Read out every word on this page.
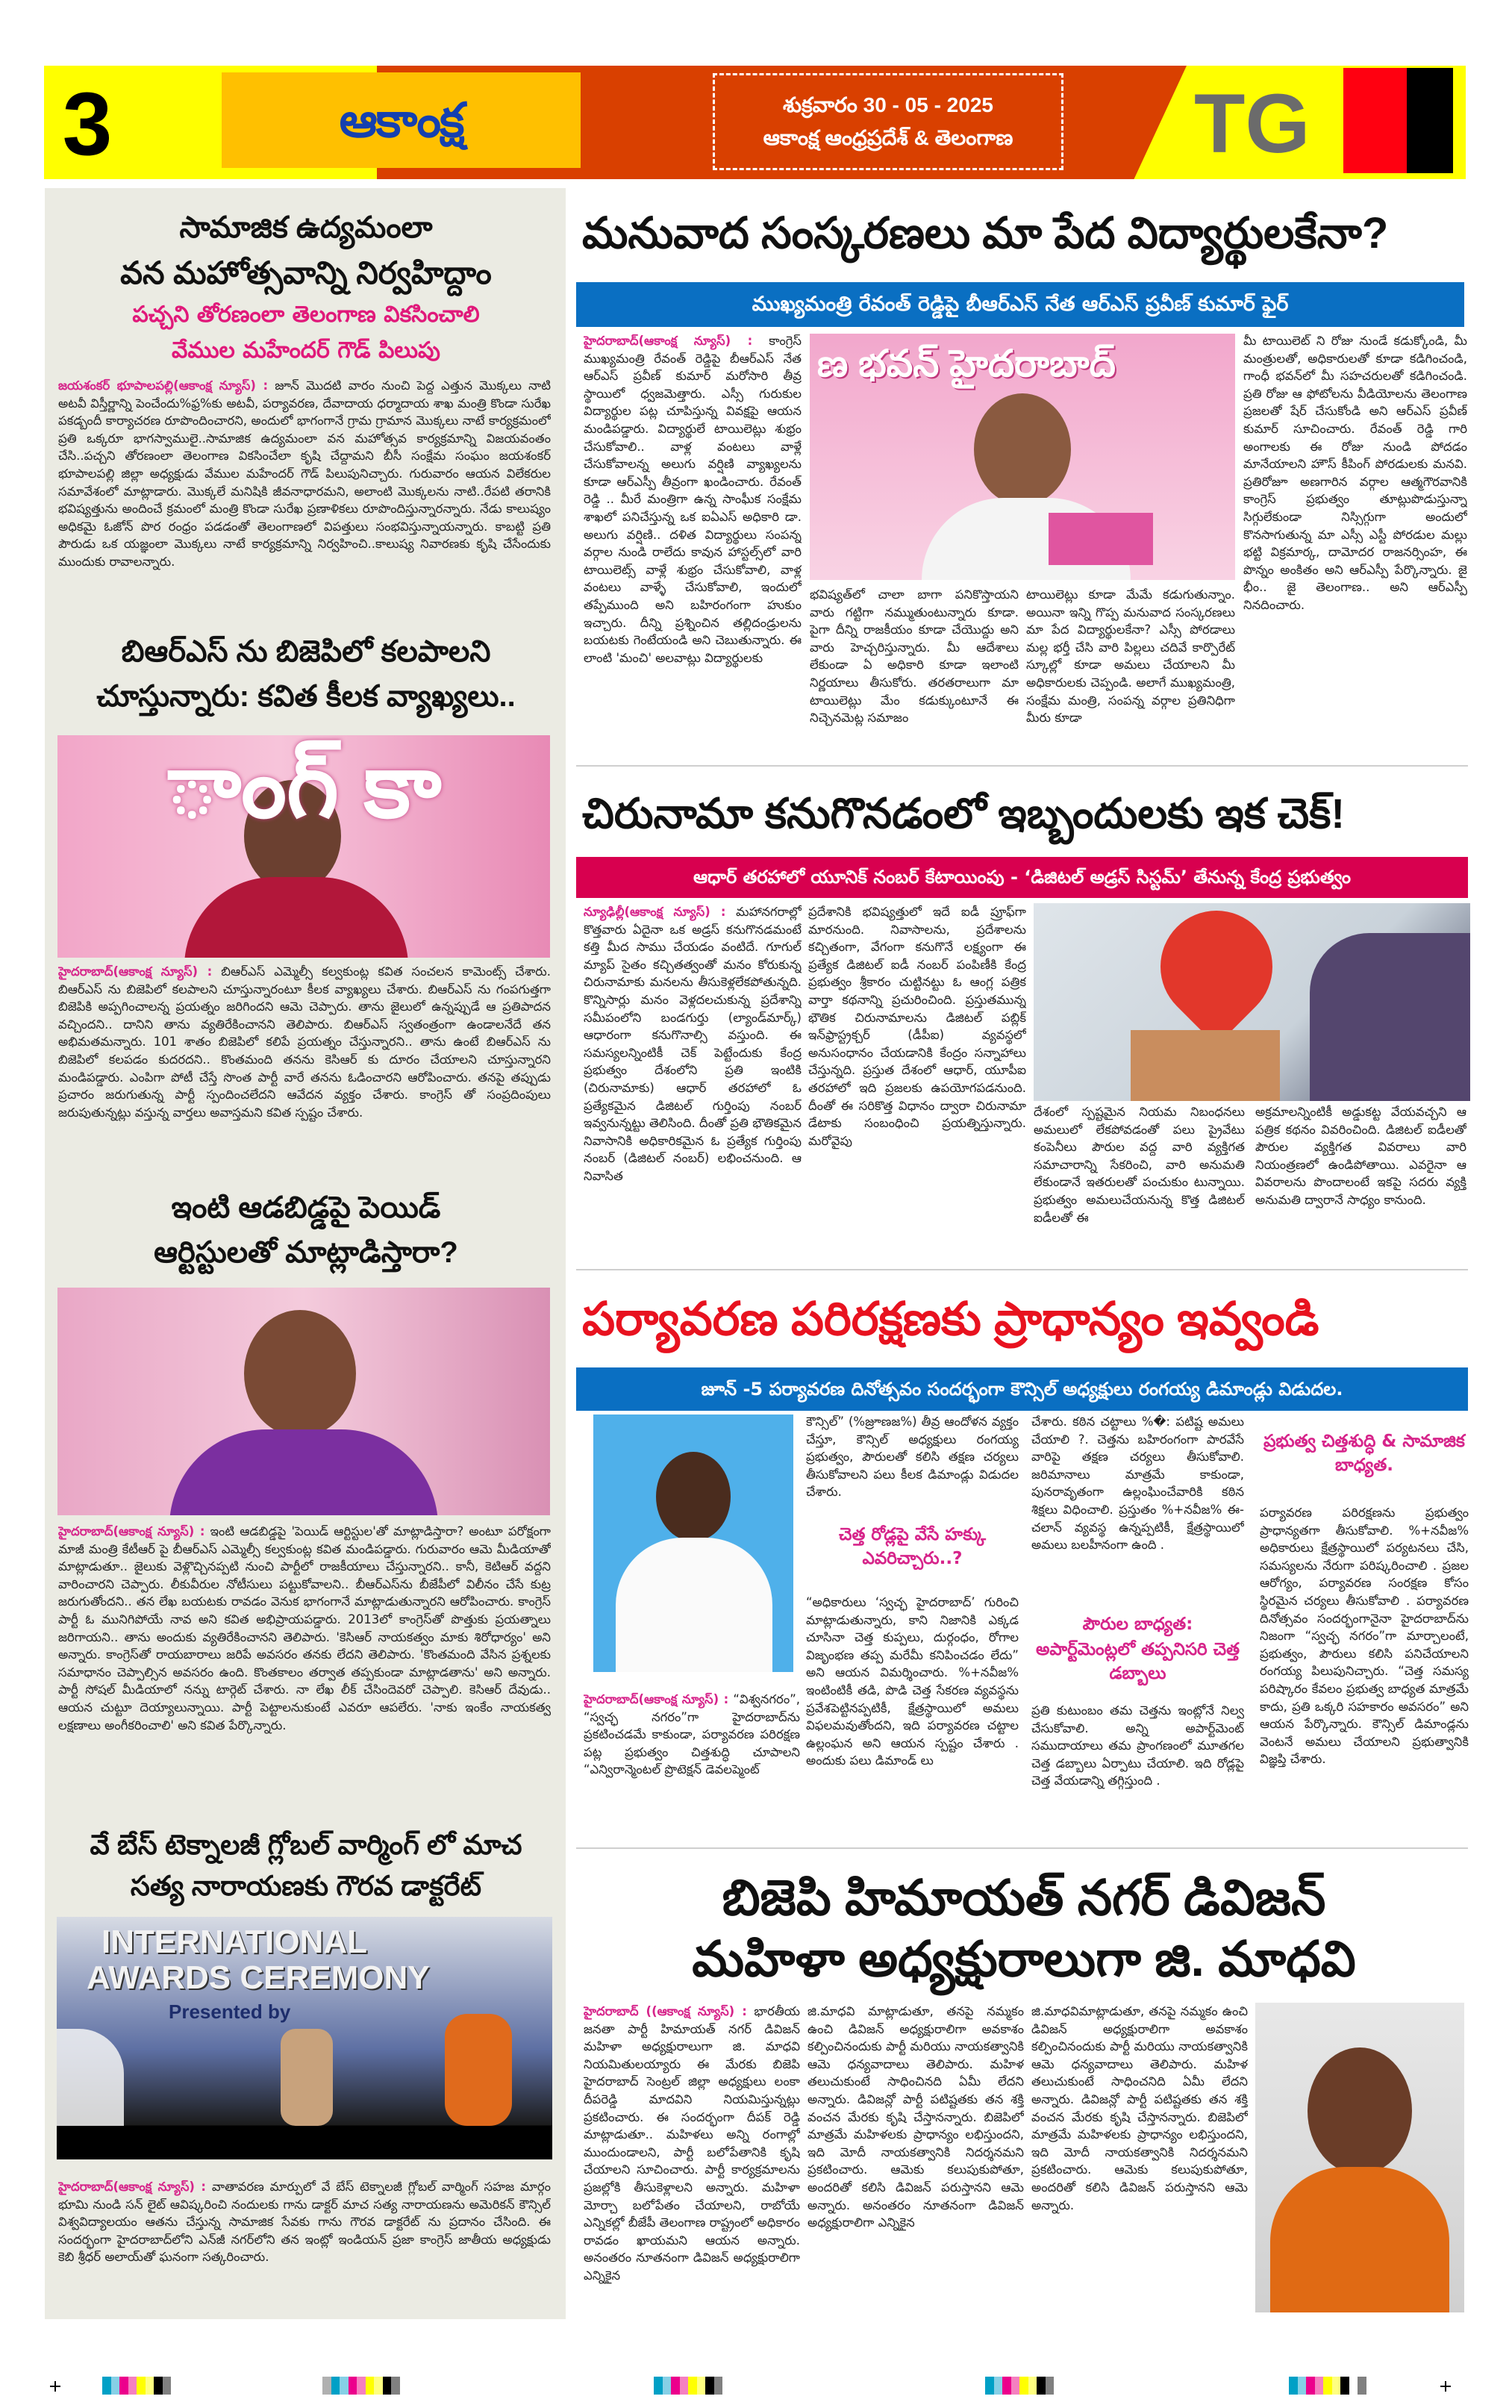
3	ఆకాంక్ష	శుక్రవారం 30 - 05 - 2025
ఆకాంక్ష ఆంధ్రప్రదేశ్ & తెలంగాణ TG
సామాజిక ఉద్యమంలా
వన మహోత్సవాన్ని నిర్వహిద్దాం
పచ్చని తోరణంలా తెలంగాణ వికసించాలి
వేముల మహేందర్ గౌడ్ పిలుపు
జయశంకర్ భూపాలపల్లి(ఆకాంక్ష న్యూస్) : జూన్ మొదటి వారం నుంచి పెద్ద ఎత్తున మొక్కలు నాటి అటవీ విస్తీర్ణాన్ని పెంచేందు%ఫ్ర%కు అటవీ, పర్యావరణ, దేవాదాయ ధర్మాదాయ శాఖ మంత్రి కొండా సురేఖ పకడ్బందీ కార్యాచరణ రూపొందించారని, అందులో భాగంగానే గ్రామ గ్రామాన మొక్కలు నాటే కార్యక్రమంలో ప్రతి ఒక్కరూ భాగస్వాములై..సామాజిక ఉద్యమంలా వన మహోత్సవ కార్యక్రమాన్ని విజయవంతం చేసి..పచ్చని తోరణంలా తెలంగాణ వికసించేలా కృషి చేద్దామని బీసీ సంక్షేమ సంఘం జయశంకర్ భూపాలపల్లి జిల్లా అధ్యక్షుడు వేముల మహేందర్ గౌడ్ పిలుపునిచ్చారు. గురువారం ఆయన విలేకరుల సమావేశంలో మాట్లాడారు. మొక్కలే మనిషికి జీవనాధారమని, అలాంటి మొక్కలను నాటి..రేపటి తరానికి భవిష్యత్తును అందించే క్రమంలో మంత్రి కొండా సురేఖ ప్రణాళికలు రూపొందిస్తున్నారన్నారు. నేడు కాలుష్యం అధికమై ఓజోన్ పొర రంధ్రం పడడంతో తెలంగాణలో విపత్తులు సంభవిస్తున్నాయన్నారు. కాబట్టి ప్రతి పౌరుడు ఒక యజ్ఞంలా మొక్కలు నాటే కార్యక్రమాన్ని నిర్వహించి..కాలుష్య నివారణకు కృషి చేసేందుకు ముందుకు రావాలన్నారు.
బిఆర్ఎస్ ను బిజెపిలో కలపాలని
చూస్తున్నారు: కవిత కీలక వ్యాఖ్యలు..
ాంగ్ కా
హైదరాబాద్(ఆకాంక్ష న్యూస్) : బిఆర్ఎస్ ఎమ్మెల్సీ కల్వకుంట్ల కవిత సంచలన కామెంట్స్ చేశారు. బిఆర్ఎస్ ను బిజెపిలో కలపాలని చూస్తున్నారంటూ కీలక వ్యాఖ్యలు చేశారు. బిఆర్ఎస్ ను గంపగుత్తగా బిజెపికి అప్పగించాలన్న ప్రయత్నం జరిగిందని ఆమె చెప్పారు. తాను జైలులో ఉన్నప్పుడే ఆ ప్రతిపాదన వచ్చిందని.. దానిని తాను వ్యతిరేకించానని తెలిపారు. బిఆర్ఎస్ స్వతంత్రంగా ఉండాలనేదే తన అభిమతమన్నారు. 101 శాతం బిజెపిలో కలిపే ప్రయత్నం చేస్తున్నారని.. తాను ఉంటే బిఆర్ఎస్ ను బిజెపిలో కలపడం కుదరదని.. కొంతమంది తనను కెసిఆర్ కు దూరం చేయాలని చూస్తున్నారని మండిపడ్డారు. ఎంపిగా పోటీ చేస్తే సొంత పార్టీ వారే తనను ఓడించారని ఆరోపించారు. తనపై తప్పుడు ప్రచారం జరుగుతున్న పార్టీ స్పందించలేదని ఆవేదన వ్యక్తం చేశారు. కాంగ్రెస్ తో సంప్రదింపులు జరుపుతున్నట్లు వస్తున్న వార్తలు అవాస్తమని కవిత స్పష్టం చేశారు.
ఇంటి ఆడబిడ్డపై పెయిడ్
ఆర్టిస్టులతో మాట్లాడిస్తారా?
హైదరాబాద్(ఆకాంక్ష న్యూస్) : ఇంటి ఆడబిడ్డపై 'పెయిడ్ ఆర్టిస్టుల'తో మాట్లాడిస్తారా? అంటూ పరోక్షంగా మాజీ మంత్రి కేటీఆర్ పై బీఆర్ఎస్ ఎమ్మెల్సీ కల్వకుంట్ల కవిత మండిపడ్డారు. గురువారం ఆమె మీడియాతో మాట్లాడుతూ.. జైలుకు వెళ్లొచ్చినప్పటి నుంచి పార్టీలో రాజకీయాలు చేస్తున్నారని.. కానీ, కెటిఆర్ వద్దని వారించారని చెప్పారు. లీకువీరుల నోటీసులు పట్టుకోవాలని.. బీఆర్ఎస్‌ను బీజేపీలో విలీనం చేసే కుట్ర జరుగుతోందని.. తన లేఖ బయటకు రావడం వెనుక భాగంగానే మాట్లాడుతున్నారని ఆరోపించారు. కాంగ్రెస్ పార్టీ ఓ మునిగిపోయే నావ అని కవిత అభిప్రాయపడ్డారు. 2013లో కాంగ్రెస్‌తో పొత్తుకు ప్రయత్నాలు జరిగాయని.. తాను అందుకు వ్యతిరేకించానని తెలిపారు. 'కెసిఆర్ నాయకత్వం మాకు శిరోధార్యం' అని అన్నారు. కాంగ్రెస్‌తో రాయబారాలు జరిపే అవసరం తనకు లేదని తెలిపారు. 'కొంతమంది వేసిన ప్రశ్నలకు సమాధానం చెప్పాల్సిన అవసరం ఉంది. కొంతకాలం తర్వాత తప్పకుండా మాట్లాడతాను' అని అన్నారు. పార్టీ సోషల్ మీడియాలో నన్ను టార్గెట్ చేశారు. నా లేఖ లీక్ చేసిందెవరో చెప్పాలి. కెసిఆర్ దేవుడు.. ఆయన చుట్టూ దెయ్యాలున్నాయి. పార్టీ పెట్టాలనుకుంటే ఎవరూ ఆపలేరు. 'నాకు ఇంకేం నాయకత్వ లక్షణాలు అంగీకరించాలి' అని కవిత పేర్కొన్నారు.
వే బేస్ టెక్నాలజీ గ్లోబల్ వార్మింగ్ లో మాచ
సత్య నారాయణకు గౌరవ డాక్టరేట్
INTERNATIONAL
AWARDS CEREMONY
Presented by
హైదరాబాద్(ఆకాంక్ష న్యూస్) : వాతావరణ మార్పులో వే బేస్ టెక్నాలజీ గ్లోబల్ వార్మింగ్ సహజ మార్గం భూమి నుండి సన్ లైట్ ఆవిష్కరించి నందులకు గాను డాక్టర్ మాచ సత్య నారాయణను అమెరికన్ కౌన్సిల్ విశ్వవిద్యాలయం ఆతను చేస్తున్న సామాజిక సేవకు గాను గౌరవ డాక్టరేట్ ను ప్రదానం చేసింది. ఈ సందర్భంగా హైదరాబాద్‌లోని ఎన్‌జీ నగర్‌లోని తన ఇంట్లో ఇండియన్ ప్రజా కాంగ్రెస్ జాతీయ అధ్యక్షుడు కెబి శ్రీధర్ అలాయ్‌తో ఘనంగా సత్కరించారు.
మనువాద సంస్కరణలు మా పేద విద్యార్థులకేనా?
ముఖ్యమంత్రి రేవంత్ రెడ్డిపై బీఆర్ఎస్ నేత ఆర్ఎస్ ప్రవీణ్ కుమార్ ఫైర్
హైదరాబాద్(ఆకాంక్ష న్యూస్) : కాంగ్రెస్ ముఖ్యమంత్రి రేవంత్ రెడ్డిపై బీఆర్ఎస్ నేత ఆర్ఎస్ ప్రవీణ్ కుమార్ మరోసారి తీవ్ర స్థాయిలో ధ్వజమెత్తారు. ఎస్సీ గురుకుల విద్యార్థుల పట్ల చూపిస్తున్న వివక్షపై ఆయన మండిపడ్డారు. విద్యార్థులే టాయిలెట్లు శుభ్రం చేసుకోవాలి.. వాళ్ల వంటలు వాళ్లే చేసుకోవాలన్న అలుగు వర్షిణి వ్యాఖ్యలను కూడా ఆర్ఎస్పీ తీవ్రంగా ఖండించారు. రేవంత్ రెడ్డి .. మీరే మంత్రిగా ఉన్న సాంఘీక సంక్షేమ శాఖలో పనిచేస్తున్న ఒక ఐఏఎస్ అధికారి డా. అలుగు వర్షిణి.. దళిత విద్యార్థులు సంపన్న వర్గాల నుండి రాలేదు కావున హాస్టల్స్‌లో వారి టాయిలెట్స్ వాళ్లే శుభ్రం చేసుకోవాలి, వాళ్ల వంటలు వాళ్ళే చేసుకోవాలి, ఇందులో తప్పేముంది అని బహిరంగంగా హుకుం ఇచ్చారు. దీన్ని ప్రశ్నించిన తల్లిదండ్రులను బయటకు గెంటేయండి అని చెబుతున్నారు. ఈ లాంటి 'మంచి' అలవాట్లు విద్యార్థులకు
ణ భవన్ హైదరాబాద్
భవిష్యత్‌లో చాలా బాగా పనికొస్తాయని వారు గట్టిగా నమ్ముతుంటున్నారు కూడా. పైగా దీన్ని రాజకీయం కూడా చేయొద్దు అని వారు హెచ్చరిస్తున్నారు. మీ ఆదేశాలు లేకుండా ఏ అధికారి కూడా ఇలాంటి నిర్ణయాలు తీసుకోరు. తరతరాలుగా మా టాయిలెట్లు మేం కడుక్కుంటూనే ఈ నిచ్చెనమెట్ల సమాజం
టాయిలెట్లు కూడా మేమే కడుగుతున్నాం. అయినా ఇన్ని గొప్ప మనువాద సంస్కరణలు మా పేద విద్యార్థులకేనా? ఎస్సీ పోరడాలు మల్ల భర్తీ చేసి వారి పిల్లలు చదివే కార్పొరేట్ స్కూల్లో కూడా అమలు చేయాలని మీ అధికారులకు చెప్పండి. అలాగే ముఖ్యమంత్రి, సంక్షేమ మంత్రి, సంపన్న వర్గాల ప్రతినిధిగా మీరు కూడా
మీ టాయిలెట్ ని రోజు నుండే కడుక్కోండి, మీ మంత్రులతో, అధికారులతో కూడా కడిగించండి, గాంధీ భవన్‌లో మీ సహచరులతో కడిగించండి. ప్రతి రోజు ఆ ఫోటోలను వీడియోలను తెలంగాణ ప్రజలతో షేర్ చేసుకోండి అని ఆర్ఎస్ ప్రవీణ్ కుమార్ సూచించారు. రేవంత్ రెడ్డి గారి అంగాలకు ఈ రోజు నుండి పోదడం మానేయాలని హౌస్ కీపింగ్ పోరడులకు మనవి. ప్రతిరోజూ అణగారిన వర్గాల ఆత్మగౌరవానికి కాంగ్రెస్ ప్రభుత్వం తూట్లుపొడుస్తున్నా సిగ్గులేకుండా నిస్సిగ్గుగా అందులో కొనసాగుతున్న మా ఎస్సీ ఎస్టీ పోరడుల మల్లు భట్టి విక్రమార్క, దామోదర రాజనర్సింహ, ఈ పొన్నం అంకితం అని ఆర్ఎస్పీ పేర్కొన్నారు. జై భీం.. జై తెలంగాణ.. అని ఆర్ఎస్పీ నినదించారు.
చిరునామా కనుగొనడంలో ఇబ్బందులకు ఇక చెక్!
ఆధార్ తరహాలో యూనిక్ నంబర్ కేటాయింపు - ‘డిజిటల్ అడ్రస్ సిస్టమ్’ తేనున్న కేంద్ర ప్రభుత్వం
న్యూఢిల్లీ(ఆకాంక్ష న్యూస్) : మహానగరాల్లో కొత్తవారు ఏదైనా ఒక అడ్రస్ కనుగొనడమంటే కత్తి మీద సాము చేయడం వంటిదే. గూగుల్ మ్యాప్ సైతం కచ్చితత్వంతో మనం కోరుకున్న చిరునామాకు మనలను తీసుకెళ్లలేకపోతున్నది. కొన్నిసార్లు మనం వెళ్లదలచుకున్న ప్రదేశాన్ని సమీపంలోని బండగుర్తు (ల్యాండ్‌మార్క్) ఆధారంగా కనుగొనాల్సి వస్తుంది. ఈ సమస్యలన్నింటికీ చెక్ పెట్టేందుకు కేంద్ర ప్రభుత్వం దేశంలోని ప్రతి ఇంటికి (చిరునామాకు) ఆధార్ తరహాలో ఓ ప్రత్యేకమైన డిజిటల్ గుర్తింపు నంబర్ ఇవ్వనున్నట్టు తెలిసింది. దీంతో ప్రతి భౌతికమైన నివాసానికి అధికారికమైన ఓ ప్రత్యేక గుర్తింపు నంబర్ (డిజిటల్ నంబర్) లభించనుంది. ఆ నివాసిత
ప్రదేశానికి భవిష్యత్తులో ఇదే ఐడీ ప్రూఫ్‌గా మారనుంది. నివాసాలను, ప్రదేశాలను కచ్చితంగా, వేగంగా కనుగొనే లక్ష్యంగా ఈ ప్రత్యేక డిజిటల్ ఐడీ నంబర్ పంపిణీకి కేంద్ర ప్రభుత్వం శ్రీకారం చుట్టినట్టు ఓ ఆంగ్ల పత్రిక వార్తా కథనాన్ని ప్రచురించింది. ప్రస్తుతమున్న భౌతిక చిరునామాలను డిజిటల్ పబ్లిక్ ఇన్‌ఫ్రాస్ట్రక్చర్ (డీపీఐ) వ్యవస్థలో అనుసంధానం చేయడానికి కేంద్రం సన్నాహాలు చేస్తున్నది. ప్రస్తుత దేశంలో ఆధార్, యూపీఐ తరహాలో ఇది ప్రజలకు ఉపయోగపడనుంది. దీంతో ఈ సరికొత్త విధానం ద్వారా చిరునామా డేటాకు సంబంధించి ప్రయత్నిస్తున్నారు. మరోవైపు
దేశంలో స్పష్టమైన నియమ నిబంధనలు అమలులో లేకపోవడంతో పలు ప్రైవేటు కంపెనీలు పౌరుల వద్ద వారి వ్యక్తిగత సమాచారాన్ని సేకరించి, వారి అనుమతి లేకుండానే ఇతరులతో పంచుకుం టున్నాయి. ప్రభుత్వం అమలుచేయనున్న కొత్త డిజిటల్ ఐడీలతో ఈ
అక్రమాలన్నింటికీ అడ్డుకట్ట వేయవచ్చని ఆ పత్రిక కథనం వివరించింది. డిజిటల్ ఐడీలతో పౌరుల వ్యక్తిగత వివరాలు వారి నియంత్రణలో ఉండిపోతాయి. ఎవరైనా ఆ వివరాలను పొందాలంటే ఇకపై సదరు వ్యక్తి అనుమతి ద్వారానే సాధ్యం కానుంది.
పర్యావరణ పరిరక్షణకు ప్రాధాన్యం ఇవ్వండి
జూన్ -5 పర్యావరణ దినోత్సవం సందర్భంగా కౌన్సిల్ అధ్యక్షులు రంగయ్య డిమాండ్లు విడుదల.
హైదరాబాద్(ఆకాంక్ష న్యూస్) : “విశ్వనగరం”, “స్వచ్ఛ నగరం”గా హైదరాబాద్‌ను ప్రకటించడమే కాకుండా, పర్యావరణ పరిరక్షణ పట్ల ప్రభుత్వం చిత్తశుద్ధి చూపాలని “ఎన్విరాన్మెంటల్ ప్రొటెక్షన్ డెవలప్మెంట్
కౌన్సిల్” (%జ్రూణజ%) తీవ్ర ఆందోళన వ్యక్తం చేస్తూ, కౌన్సిల్ అధ్యక్షులు రంగయ్య ప్రభుత్వం, పౌరులతో కలిసి తక్షణ చర్యలు తీసుకోవాలని పలు కీలక డిమాండ్లు విడుదల చేశారు.
చెత్త రోడ్లపై వేసే హక్కు ఎవరిచ్చారు..?
“అధికారులు ‘స్వచ్ఛ హైదరాబాద్’ గురించి మాట్లాడుతున్నారు, కాని నిజానికి ఎక్కడ చూసినా చెత్త కుప్పలు, దుర్గంధం, రోగాల విజృంభణ తప్ప మరేమీ కనిపించడం లేదు” అని ఆయన విమర్శించారు. %+నవీజ% ఇంటింటికీ తడి, పొడి చెత్త సేకరణ వ్యవస్థను ప్రవేశపెట్టినప్పటికీ, క్షేత్రస్థాయిలో అమలు విఫలమవుతోందని, ఇది పర్యావరణ చట్టాల ఉల్లంఘన అని ఆయన స్పష్టం చేశారు . అందుకు పలు డిమాండ్ లు
చేశారు. కఠిన చట్టాలు %�: పటిష్ట అమలు చేయాలి ?. చెత్తను బహిరంగంగా పారవేసే వారిపై తక్షణ చర్యలు తీసుకోవాలి. జరిమానాలు మాత్రమే కాకుండా, పునరావృతంగా ఉల్లంఘించేవారికి కఠిన శిక్షలు విధించాలి. ప్రస్తుతం %+నవీజ% ఈ-చలాన్ వ్యవస్థ ఉన్నప్పటికీ, క్షేత్రస్థాయిలో అమలు బలహీనంగా ఉంది .
పౌరుల బాధ్యత:
అపార్ట్‌మెంట్లలో తప్పనిసరి చెత్త డబ్బాలు
ప్రతి కుటుంబం తమ చెత్తను ఇంట్లోనే నిల్వ చేసుకోవాలి. అన్ని అపార్ట్‌మెంట్ సముదాయాలు తమ ప్రాంగణంలో మూతగల చెత్త డబ్బాలు ఏర్పాటు చేయాలి. ఇది రోడ్లపై చెత్త వేయడాన్ని తగ్గిస్తుంది .
ప్రభుత్వ చిత్తశుద్ధి & సామాజిక బాధ్యత.
పర్యావరణ పరిరక్షణను ప్రభుత్వం ప్రాధాన్యతగా తీసుకోవాలి. %+నవీజ% అధికారులు క్షేత్రస్థాయిలో పర్యటనలు చేసి, సమస్యలను నేరుగా పరిష్కరించాలి . ప్రజల ఆరోగ్యం, పర్యావరణ సంరక్షణ కోసం స్థిరమైన చర్యలు తీసుకోవాలి . పర్యావరణ దినోత్సవం సందర్భంగానైనా హైదరాబాద్‌ను నిజంగా “స్వచ్ఛ నగరం”గా మార్చాలంటే, ప్రభుత్వం, పౌరులు కలిసి పనిచేయాలని రంగయ్య పిలుపునిచ్చారు. “చెత్త సమస్య పరిష్కారం కేవలం ప్రభుత్వ బాధ్యత మాత్రమే కాదు, ప్రతి ఒక్కరి సహకారం అవసరం” అని ఆయన పేర్కొన్నారు. కౌన్సిల్ డిమాండ్లను వెంటనే అమలు చేయాలని ప్రభుత్వానికి విజ్ఞప్తి చేశారు.
బిజెపి హిమాయత్ నగర్ డివిజన్
మహిళా అధ్యక్షురాలుగా జి. మాధవి
హైదరాబాద్ ((ఆకాంక్ష న్యూస్) : భారతీయ జనతా పార్టీ హిమాయత్ నగర్ డివిజన్ మహిళా అధ్యక్షురాలుగా జి. మాధవి నియమితులయ్యారు ఈ మేరకు బిజెపి హైదరాబాద్ సెంట్రల్ జిల్లా అధ్యక్షులు లంకా దీపరెడ్డి మాదవిని నియమిస్తున్నట్లు ప్రకటించారు. ఈ సందర్భంగా దీపక్ రెడ్డి మాట్లాడుతూ.. మహిళలు అన్ని రంగాల్లో ముందుండాలని, పార్టీ బలోపేతానికి కృషి చేయాలని సూచించారు. పార్టీ కార్యక్రమాలను ప్రజల్లోకి తీసుకెళ్లాలని అన్నారు. మహిళా మోర్చా బలోపేతం చేయాలని, రాబోయే ఎన్నికల్లో బీజేపీ తెలంగాణ రాష్ట్రంలో అధికారం రావడం ఖాయమని ఆయన అన్నారు. అనంతరం నూతనంగా డివిజన్ అధ్యక్షురాలిగా ఎన్నికైన
జి.మాధవి మాట్లాడుతూ, తనపై నమ్మకం ఉంచి డివిజన్ అధ్యక్షురాలిగా అవకాశం కల్పించినందుకు పార్టీ మరియు నాయకత్వానికి ఆమె ధన్యవాదాలు తెలిపారు. మహిళ తలుచుకుంటే సాధించినది ఏమీ లేదని అన్నారు. డివిజన్లో పార్టీ పటిష్టతకు తన శక్తి వంచన మేరకు కృషి చేస్తానన్నారు. బిజెపిలో మాత్రమే మహిళలకు ప్రాధాన్యం లభిస్తుందని, ఇది మోదీ నాయకత్వానికి నిదర్శనమని ప్రకటించారు. ఆమెకు కలుపుకుపోతూ, అందరితో కలిసి డివిజన్ పరుస్తానని ఆమె అన్నారు. అనంతరం నూతనంగా డివిజన్ అధ్యక్షురాలిగా ఎన్నికైన
జి.మాధవిమాట్లాడుతూ, తనపై నమ్మకం ఉంచి డివిజన్ అధ్యక్షురాలిగా అవకాశం కల్పించినందుకు పార్టీ మరియు నాయకత్వానికి ఆమె ధన్యవాదాలు తెలిపారు. మహిళ తలుచుకుంటే సాధించనిది ఏమీ లేదని అన్నారు. డివిజన్లో పార్టీ పటిష్టతకు తన శక్తి వంచన మేరకు కృషి చేస్తానన్నారు. బిజెపిలో మాత్రమే మహిళలకు ప్రాధాన్యం లభిస్తుందని, ఇది మోదీ నాయకత్వానికి నిదర్శనమని ప్రకటించారు. ఆమెకు కలుపుకుపోతూ, అందరితో కలిసి డివిజన్ పరుస్తానని ఆమె అన్నారు.
